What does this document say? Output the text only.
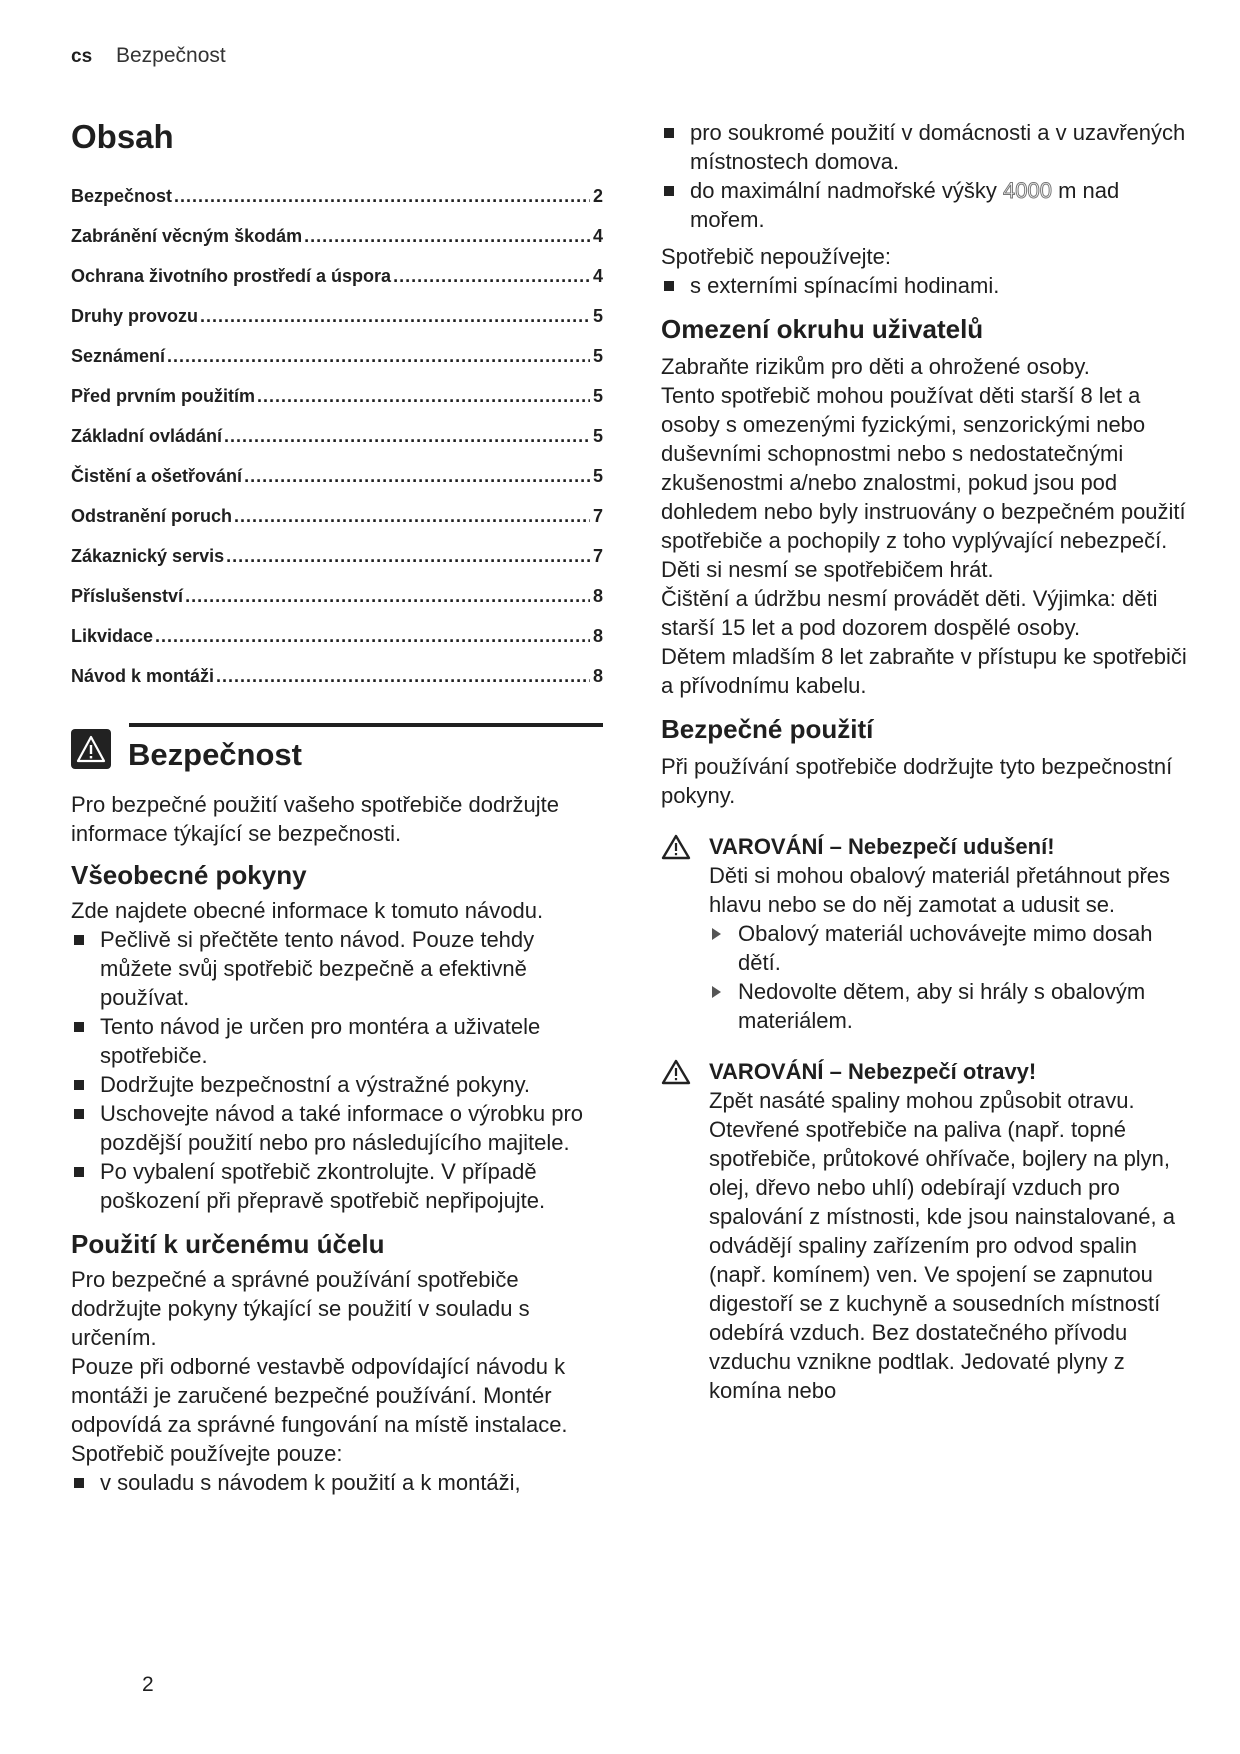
cs Bezpečnost
Obsah
Bezpečnost .....	2
Zabránění věcným škodám .....	4
Ochrana životního prostředí a úspora .....	4
Druhy provozu .....	5
Seznámení .....	5
Před prvním použitím .....	5
Základní ovládání .....	5
Čistění a ošetřování .....	5
Odstranění poruch .....	7
Zákaznický servis .....	7
Příslušenství .....	8
Likvidace .....	8
Návod k montáži .....	8
Bezpečnost

Pro bezpečné použití vašeho spotřebiče dodržujte informace týkající se bezpečnosti.

Všeobecné pokyny

Zde najdete obecné informace k tomuto návodu.

Pečlivě si přečtěte tento návod. Pouze tehdy můžete svůj spotřebič bezpečně a efektivně používat.
Tento návod je určen pro montéra a uživatele spotřebiče.
Dodržujte bezpečnostní a výstražné pokyny.
Uschovejte návod a také informace o výrobku pro pozdější použití nebo pro následujícího majitele.
Po vybalení spotřebič zkontrolujte. V případě poškození při přepravě spotřebič nepřipojujte.
Použití k určenému účelu

Pro bezpečné a správné používání spotřebiče dodržujte pokyny týkající se použití v souladu s určením.

Pouze při odborné vestavbě odpovídající návodu k montáži je zaručené bezpečné používání. Montér odpovídá za správné fungování na místě instalace.

Spotřebič používejte pouze:

v souladu s návodem k použití a k montáži,
2
pro soukromé použití v domácnosti a v uzavřených místnostech domova.
do maximální nadmořské výšky 4000 m nad mořem.

Spotřebič nepoužívejte:

s externími spínacími hodinami.
Omezení okruhu uživatelů

Zabraňte rizikům pro děti a ohrožené osoby.

Tento spotřebič mohou používat děti starší 8 let a osoby s omezenými fyzickými, senzorickými nebo duševními schopnostmi nebo s nedostatečnými zkušenostmi a/nebo znalostmi, pokud jsou pod dohledem nebo byly instruovány o bezpečném použití spotřebiče a pochopily z toho vyplývající nebezpečí.

Děti si nesmí se spotřebičem hrát.

Čištění a údržbu nesmí provádět děti. Výjimka: děti starší 15 let a pod dozorem dospělé osoby.

Dětem mladším 8 let zabraňte v přístupu ke spotřebiči a přívodnímu kabelu.

Bezpečné použití

Při používání spotřebiče dodržujte tyto bezpečnostní pokyny.

VAROVÁNÍ – Nebezpečí udušení!

Děti si mohou obalový materiál přetáhnout přes hlavu nebo se do něj zamotat a udusit se.

Obalový materiál uchovávejte mimo dosah dětí.
Nedovolte dětem, aby si hrály s obalovým materiálem.
VAROVÁNÍ – Nebezpečí otravy!

Zpět nasáté spaliny mohou způsobit otravu. Otevřené spotřebiče na paliva (např. topné spotřebiče, průtokové ohřívače, bojlery na plyn, olej, dřevo nebo uhlí) odebírají vzduch pro spalování z místnosti, kde jsou nainstalované, a odvádějí spaliny zařízením pro odvod spalin (např. komínem) ven. Ve spojení se zapnutou digestoří se z kuchyně a sousedních místností odebírá vzduch. Bez dostatečného přívodu vzduchu vznikne podtlak. Jedovaté plyny z komína nebo
